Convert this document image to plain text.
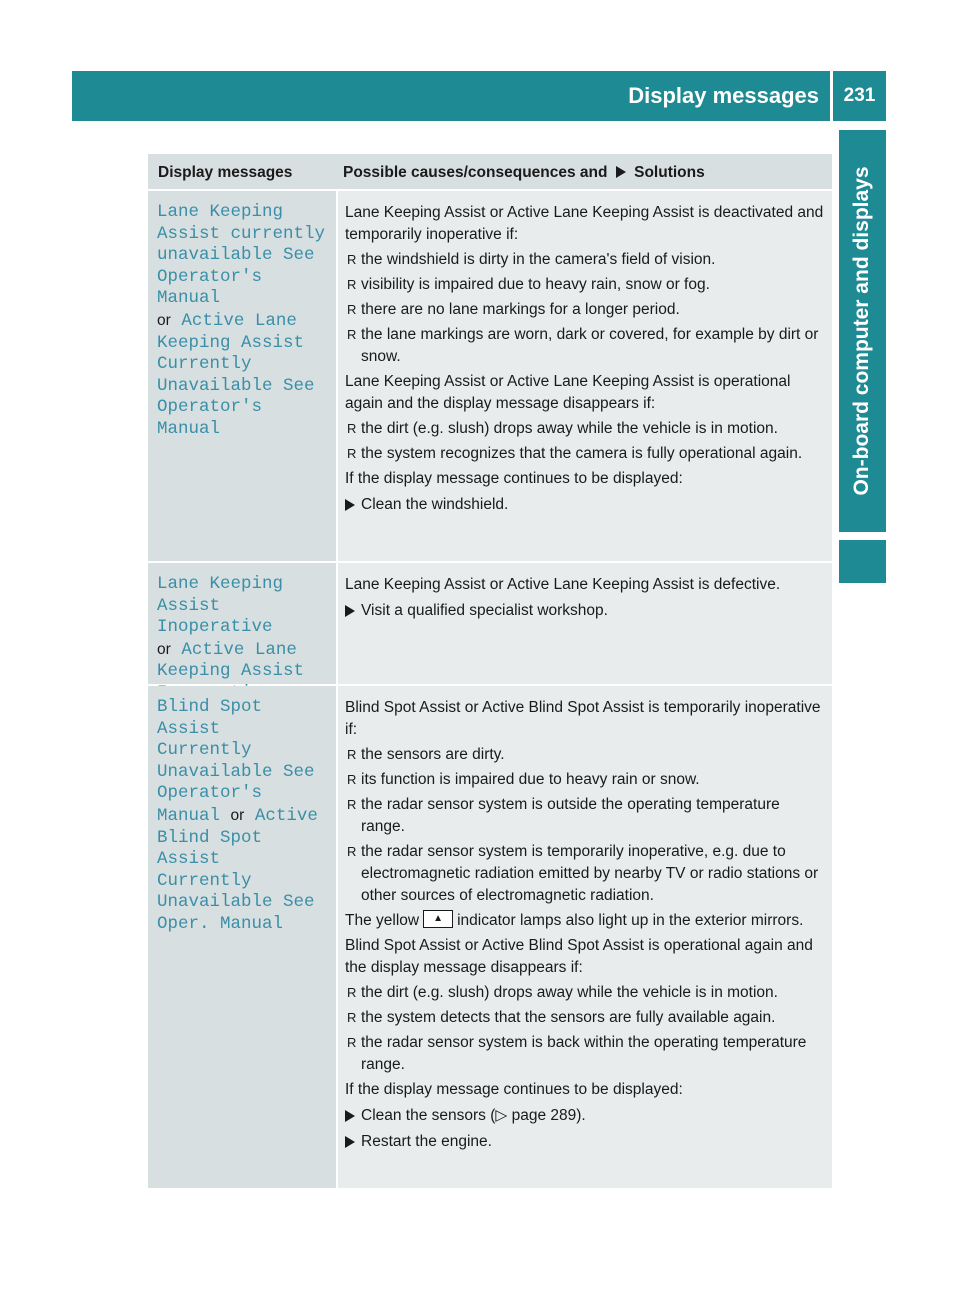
Display messages	231
On-board computer and displays
Display messages	Possible causes/consequences and Solutions
Lane Keeping
Assist currently
unavailable See
Operator's Manual
or Active Lane
Keeping Assist
Currently
Unavailable See
Operator's Manual

Lane Keeping Assist or Active Lane Keeping Assist is deactivated and temporarily inoperative if:

R the windshield is dirty in the camera's field of vision.
R visibility is impaired due to heavy rain, snow or fog.
R there are no lane markings for a longer period.
R the lane markings are worn, dark or covered, for example by dirt or snow.

Lane Keeping Assist or Active Lane Keeping Assist is operational again and the display message disappears if:

R the dirt (e.g. slush) drops away while the vehicle is in motion.
R the system recognizes that the camera is fully operational again.

If the display message continues to be displayed:

Clean the windshield.
Lane Keeping
Assist Inoperative
or Active Lane
Keeping Assist

Lane Keeping Assist or Active Lane Keeping Assist is defective.

Visit a qualified specialist workshop.
Blind Spot Assist
Currently
Unavailable See
Operator's
Manual or Active
Blind Spot Assist
Currently
Unavailable See
Oper. Manual

Blind Spot Assist or Active Blind Spot Assist is temporarily inoperative if:

R the sensors are dirty.
R its function is impaired due to heavy rain or snow.
R the radar sensor system is outside the operating temperature range.
R the radar sensor system is temporarily inoperative, e.g. due to electromagnetic radiation emitted by nearby TV or radio stations or other sources of electromagnetic radiation.

The yellow ▲ indicator lamps also light up in the exterior mirrors.

Blind Spot Assist or Active Blind Spot Assist is operational again and the display message disappears if:

R the dirt (e.g. slush) drops away while the vehicle is in motion.
R the system detects that the sensors are fully available again.
R the radar sensor system is back within the operating temperature range.

If the display message continues to be displayed:

Clean the sensors (▷ page 289).
Restart the engine.
